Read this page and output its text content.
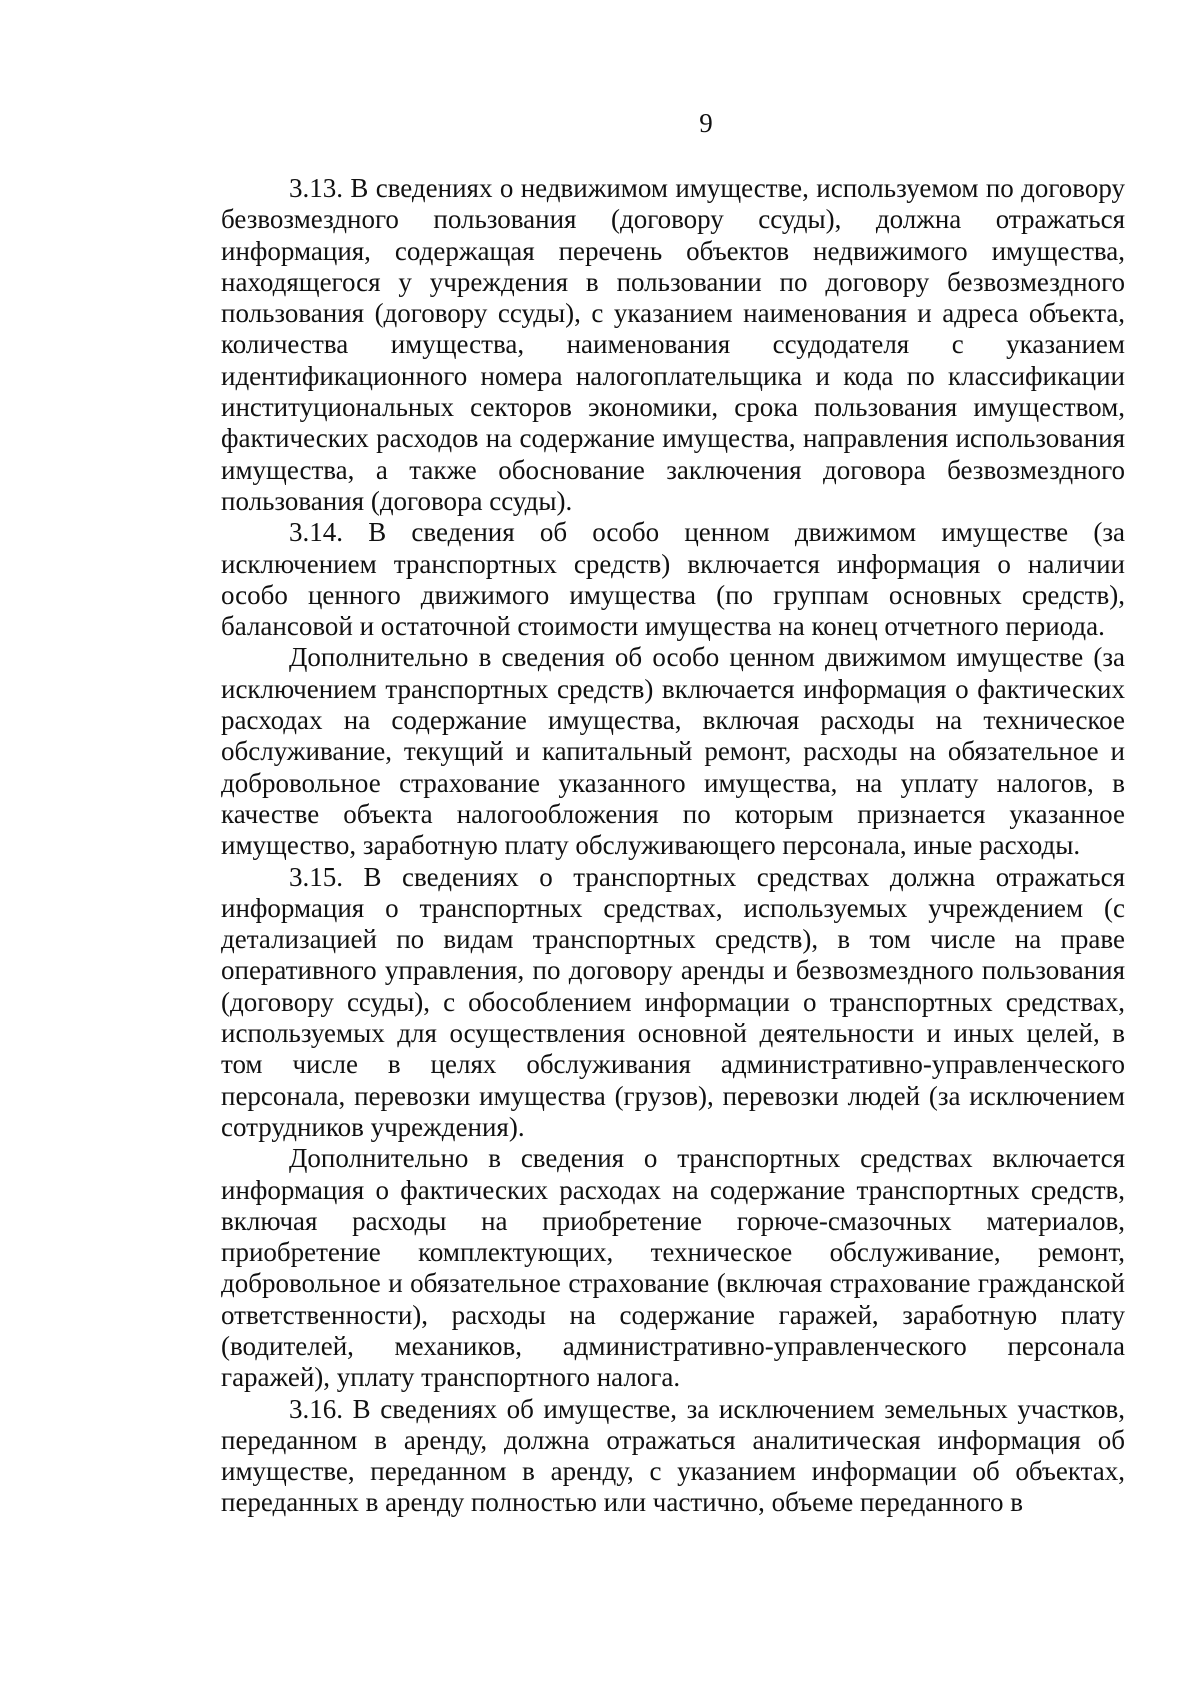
9

3.13. В сведениях о недвижимом имуществе, используемом по договору безвозмездного пользования (договору ссуды), должна отражаться информация, содержащая перечень объектов недвижимого имущества, находящегося у учреждения в пользовании по договору безвозмездного пользования (договору ссуды), с указанием наименования и адреса объекта, количества имущества, наименования ссудодателя с указанием идентификационного номера налогоплательщика и кода по классификации институциональных секторов экономики, срока пользования имуществом, фактических расходов на содержание имущества, направления использования имущества, а также обоснование заключения договора безвозмездного пользования (договора ссуды).

3.14. В сведения об особо ценном движимом имуществе (за исключением транспортных средств) включается информация о наличии особо ценного движимого имущества (по группам основных средств), балансовой и остаточной стоимости имущества на конец отчетного периода.

Дополнительно в сведения об особо ценном движимом имуществе (за исключением транспортных средств) включается информация о фактических расходах на содержание имущества, включая расходы на техническое обслуживание, текущий и капитальный ремонт, расходы на обязательное и добровольное страхование указанного имущества, на уплату налогов, в качестве объекта налогообложения по которым признается указанное имущество, заработную плату обслуживающего персонала, иные расходы.

3.15. В сведениях о транспортных средствах должна отражаться информация о транспортных средствах, используемых учреждением (с детализацией по видам транспортных средств), в том числе на праве оперативного управления, по договору аренды и безвозмездного пользования (договору ссуды), с обособлением информации о транспортных средствах, используемых для осуществления основной деятельности и иных целей, в том числе в целях обслуживания административно-управленческого персонала, перевозки имущества (грузов), перевозки людей (за исключением сотрудников учреждения).

Дополнительно в сведения о транспортных средствах включается информация о фактических расходах на содержание транспортных средств, включая расходы на приобретение горюче-смазочных материалов, приобретение комплектующих, техническое обслуживание, ремонт, добровольное и обязательное страхование (включая страхование гражданской ответственности), расходы на содержание гаражей, заработную плату (водителей, механиков, административно-управленческого персонала гаражей), уплату транспортного налога.

3.16. В сведениях об имуществе, за исключением земельных участков, переданном в аренду, должна отражаться аналитическая информация об имуществе, переданном в аренду, с указанием информации об объектах, переданных в аренду полностью или частично, объеме переданного в
